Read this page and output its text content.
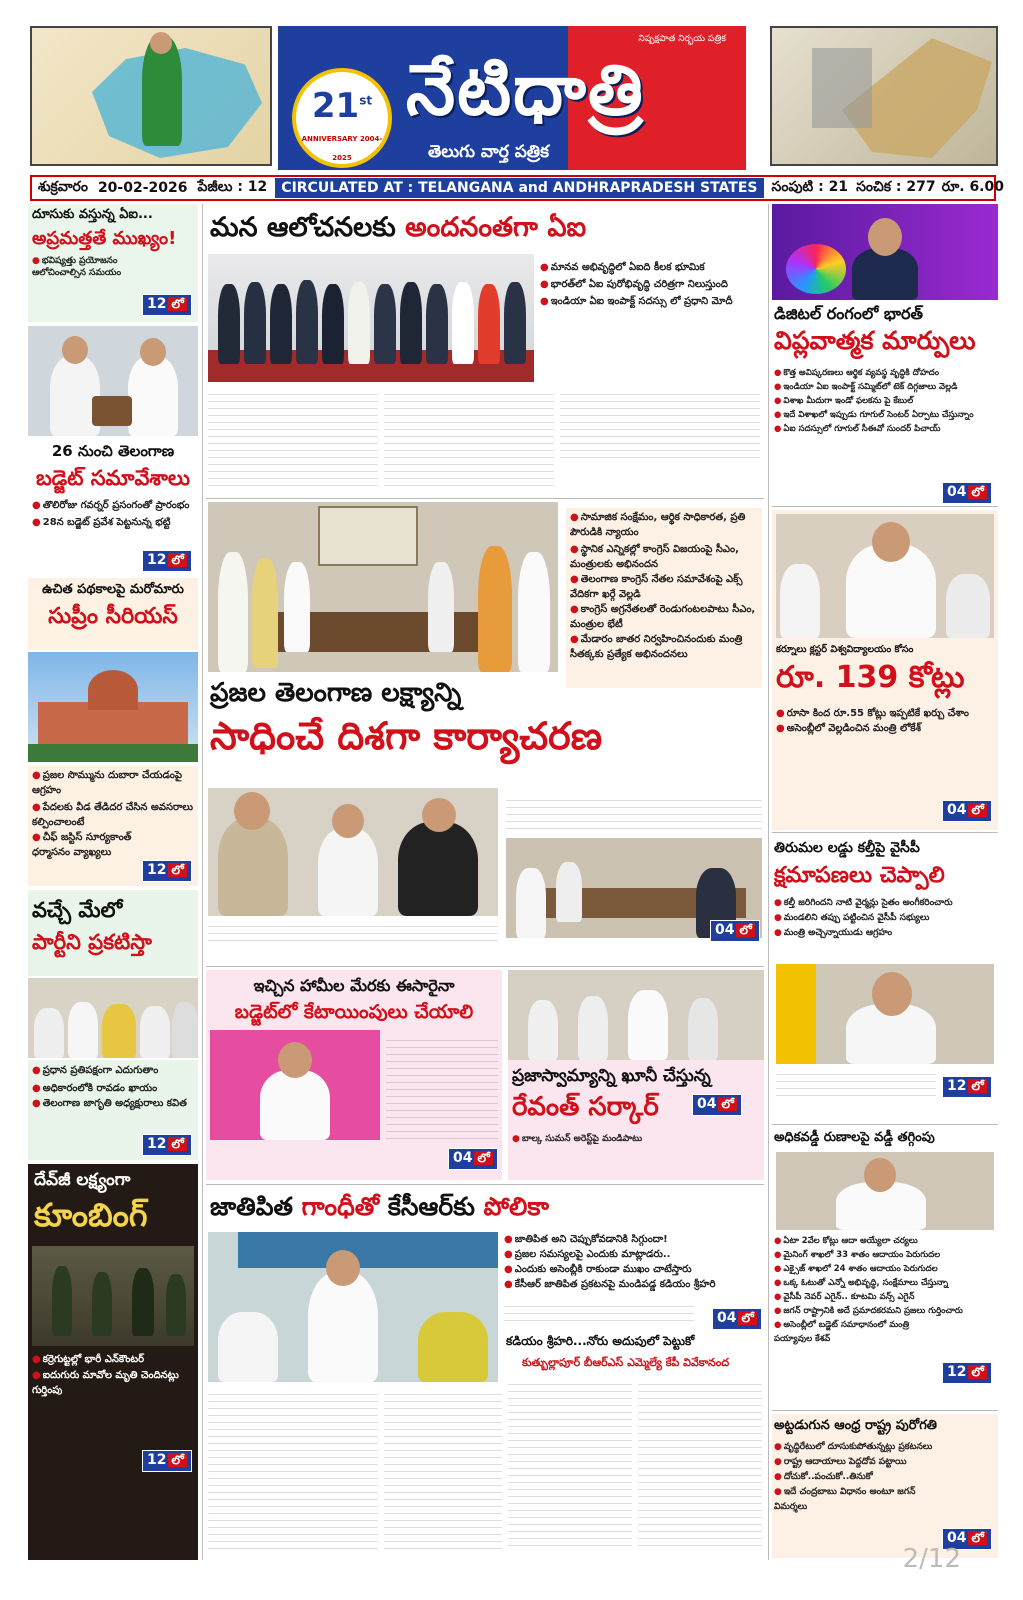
21st
ANNIVERSARY 2004-2025
నేటిధాత్రి
తెలుగు వార్త పత్రిక
నిష్పక్షపాత నిర్భయ పత్రిక
శుక్రవారం 20-02-2026 పేజీలు : 12	CIRCULATED AT : TELANGANA and ANDHRAPRADESH STATES	సంపుటి : 21 సంచిక : 277 రూ. 6.00
దూసుకు వస్తున్న ఏఐ...
అప్రమత్తతే ముఖ్యం!
● భవిష్యత్తు ప్రయోజనం ఆలోచించాల్సిన సమయం
12 లో
26 నుంచి తెలంగాణ
బడ్జెట్ సమావేశాలు
● తొలిరోజు గవర్నర్ ప్రసంగంతో ప్రారంభం
● 28న బడ్జెట్ ప్రవేశ పెట్టనున్న భట్టి
12 లో
ఉచిత పథకాలపై మరోమారు
సుప్రీం సీరియస్
● ప్రజల సొమ్మును దుబారా చేయడంపై ఆగ్రహం
● పేదలకు వీడ తేడిదర చేసిన అవసరాలు కల్పించాలంటే
● చీఫ్ జస్టిస్ సూర్యకాంత్ ధర్మాసనం వ్యాఖ్యలు
12 లో
వచ్చే మేలో
పార్టీని ప్రకటిస్తా
● ప్రధాన ప్రతిపక్షంగా ఎదుగుతాం
● అధికారంలోకి రావడం ఖాయం
● తెలంగాణ జాగృతి అధ్యక్షురాలు కవిత
12 లో
దేవ్‌జీ లక్ష్యంగా
కూంబింగ్
● కర్రెగుట్టల్లో భారీ ఎన్‌కౌంటర్
● ఐదుగురు మావోల మృతి చెందినట్లు గుర్తింపు
12 లో
మన ఆలోచనలకు అందనంతగా ఏఐ
● మానవ అభివృద్ధిలో ఏఐది కీలక భూమిక
● భారత్‌లో ఏఐ పురోభివృద్ధి చరిత్రగా నిలుస్తుంది
● ఇండియా ఏఐ ఇంపాక్ట్ సదస్సు లో ప్రధాని మోదీ
● సామాజిక సంక్షేమం, ఆర్థిక సాధికారత, ప్రతి పౌరుడికి న్యాయం
● స్థానిక ఎన్నికల్లో కాంగ్రెస్ విజయంపై సీఎం, మంత్రులకు అభినందన
● తెలంగాణ కాంగ్రెస్ నేతల సమావేశంపై ఎక్స్ వేదికగా ఖర్గే వెల్లడి
● కాంగ్రెస్ అగ్రనేతలతో రెండుగంటలపాటు సీఎం, మంత్రుల భేటీ
● మేడారం జాతర నిర్వహించినందుకు మంత్రి సీతక్కకు ప్రత్యేక అభినందనలు
ప్రజల తెలంగాణ లక్ష్యాన్ని
సాధించే దిశగా కార్యాచరణ
04 లో
ఇచ్చిన హామీల మేరకు ఈసారైనా
బడ్జెట్‌లో కేటాయింపులు చేయాలి
04 లో
ప్రజాస్వామ్యాన్ని ఖూనీ చేస్తున్న
రేవంత్ సర్కార్
● బాల్క సుమన్ అరెస్ట్‌పై మండిపాటు
04 లో
జాతిపిత గాంధీతో కేసీఆర్‌కు పోలికా
● జాతిపిత అని చెప్పుకోవడానికి సిగ్గుందా!
● ప్రజల సమస్యలపై ఎందుకు మాట్లాడరు..
● ఎందుకు అసెంబ్లీకి రాకుండా ముఖం చాటేస్తారు
● కేసీఆర్ జాతిపిత ప్రకటనపై మండిపడ్డ కడియం శ్రీహరి
04 లో
కడియం శ్రీహరి...నోరు అదుపులో పెట్టుకో
కుత్బుల్లాపూర్ బీఆర్ఎస్ ఎమ్మెల్యే కేపీ వివేకానంద
డిజిటల్ రంగంలో భారత్
విప్లవాత్మక మార్పులు
● కొత్త అవిష్కరణలు ఆర్థిక వ్యవస్థ వృద్ధికి దోహదం
● ఇండియా ఏఐ ఇంపాక్ట్ సమ్మిట్‌లో టెక్ దిగ్గజాలు వెల్లడి
● విశాఖ మీదుగా ఇండో ఫలకను పై కేబుల్
● ఇదే విశాఖలో ఇప్పుడు గూగుల్ సెంటర్ ఏర్పాటు చేస్తున్నాం
● ఏఐ సదస్సులో గూగుల్ సీఈవో సుందర్ పిచాయ్
04 లో
కర్నూలు క్లస్టర్ విశ్వవిద్యాలయం కోసం
రూ. 139 కోట్లు
● రూసా కింద రూ.55 కోట్లు ఇప్పటికే ఖర్చు చేశాం
● అసెంబ్లీలో వెల్లడించిన మంత్రి లోకేశ్
04 లో
తిరుమల లడ్డు కల్తీపై వైసీపీ
క్షమాపణలు చెప్పాలి
● కల్తీ జరిగిందని నాటి వైర్మన్లు సైతం అంగీకరించారు
● మండలిని తప్పు పట్టించిన వైసీపీ సభ్యులు
● మంత్రి అచ్చెన్నాయుడు ఆగ్రహం
12 లో
అధికవడ్డీ రుణాలపై వడ్డీ తగ్గింపు
● ఏటా 2వేల కోట్లు ఆదా అయ్యేలా చర్యలు
● మైనింగ్ శాఖలో 33 శాతం ఆదాయం పెరుగుదల
● ఎక్సైజ్ శాఖలో 24 శాతం ఆదాయం పెరుగుదల
● ఒక్క ఓటుతో ఎన్నో అభివృద్ధి, సంక్షేమాలు చేస్తున్నా
● వైసీపీ నెవర్ ఎగైన్.. కూటమి వన్స్ ఎగైన్
● జగన్ రాష్ట్రానికి అదే ప్రమాదకరమని ప్రజలు గుర్తించారు
● అసెంబ్లీలో బడ్జెట్ సమాధానంలో మంత్రి పయ్యావుల కేశవ్
12 లో
అట్టడుగున ఆంధ్ర రాష్ట్ర పురోగతి
● వృద్ధిరేటులో దూసుకుపోతున్నట్లు ప్రకటనలు
● రాష్ట్ర ఆదాయాలు పెద్దదోవ పట్టాయి
● దోచుకో..పంచుకో..తినుకో
● ఇదే చంద్రబాబు విధానం అంటూ జగన్ విమర్శలు
04 లో
2/12
